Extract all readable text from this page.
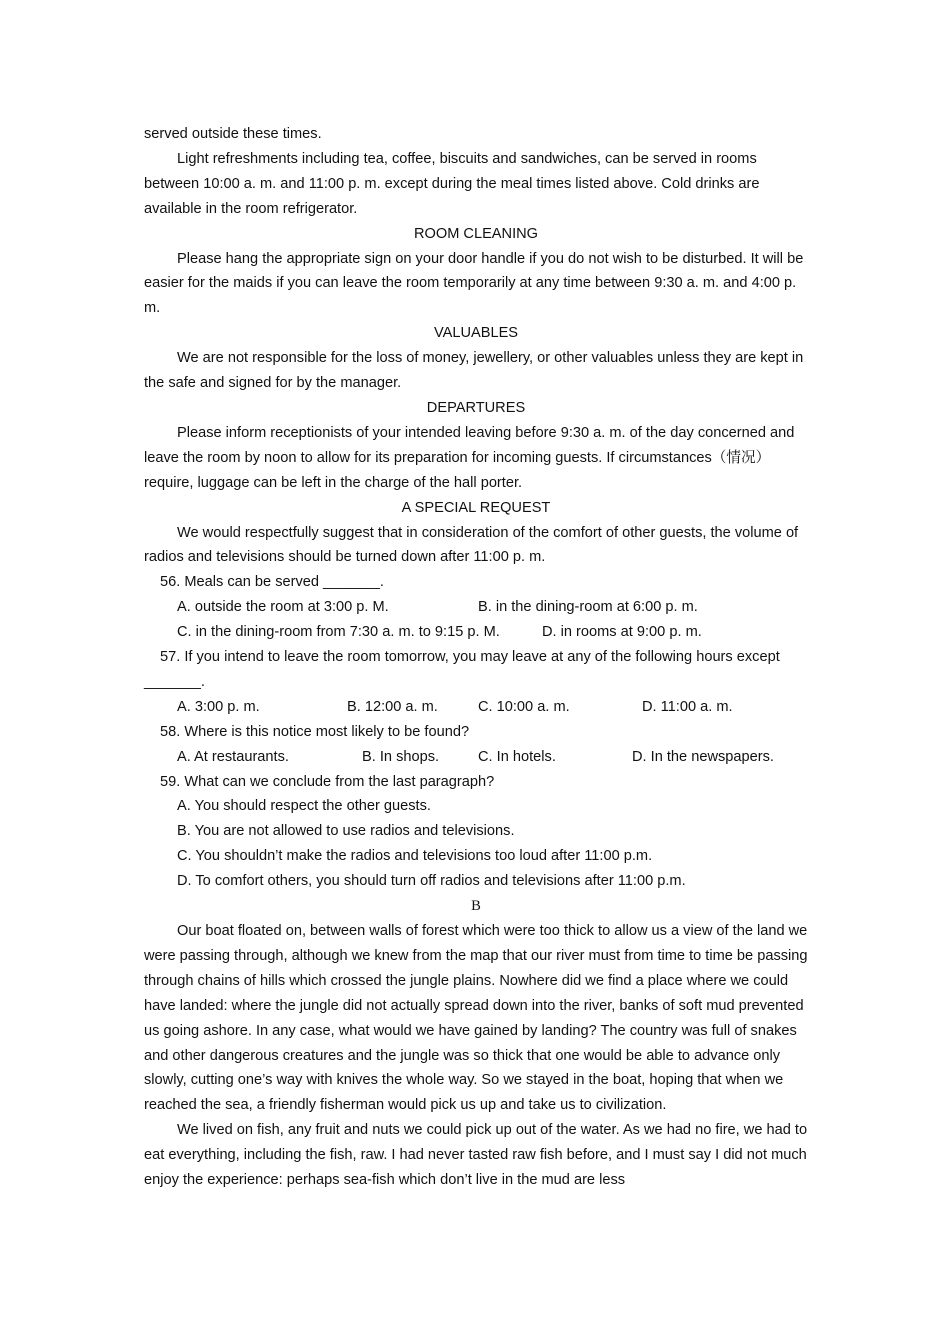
served outside these times.

Light refreshments including tea, coffee, biscuits and sandwiches, can be served in rooms between 10:00 a. m. and 11:00 p. m. except during the meal times listed above. Cold drinks are available in the room refrigerator.

ROOM CLEANING

Please hang the appropriate sign on your door handle if you do not wish to be disturbed. It will be easier for the maids if you can leave the room temporarily at any time between 9:30 a. m. and 4:00 p. m.

VALUABLES

We are not responsible for the loss of money, jewellery, or other valuables unless they are kept in the safe and signed for by the manager.

DEPARTURES

Please inform receptionists of your intended leaving before 9:30 a. m. of the day concerned and leave the room by noon to allow for its preparation for incoming guests. If circumstances（情况）require, luggage can be left in the charge of the hall porter.

A SPECIAL REQUEST

We would respectfully suggest that in consideration of the comfort of other guests, the volume of radios and televisions should be turned down after 11:00 p. m.

56. Meals can be served _______.

A. outside the room at 3:00 p. M.	B. in the dining-room at 6:00 p. m.
C. in the dining-room from 7:30 a. m. to 9:15 p. M.	D. in rooms at 9:00 p. m.

57. If you intend to leave the room tomorrow, you may leave at any of the following hours except _______.

A. 3:00 p. m.	B. 12:00 a. m.	C. 10:00 a. m.	D. 11:00 a. m.

58. Where is this notice most likely to be found?

A. At restaurants.	B. In shops.	C. In hotels.	D. In the newspapers.

59. What can we conclude from the last paragraph?

A. You should respect the other guests.

B. You are not allowed to use radios and televisions.

C. You shouldn’t make the radios and televisions too loud after 11:00 p.m.

D. To comfort others, you should turn off radios and televisions after 11:00 p.m.

B

Our boat floated on, between walls of forest which were too thick to allow us a view of the land we were passing through, although we knew from the map that our river must from time to time be passing through chains of hills which crossed the jungle plains. Nowhere did we find a place where we could have landed: where the jungle did not actually spread down into the river, banks of soft mud prevented us going ashore. In any case, what would we have gained by landing? The country was full of snakes and other dangerous creatures and the jungle was so thick that one would be able to advance only slowly, cutting one’s way with knives the whole way. So we stayed in the boat, hoping that when we reached the sea, a friendly fisherman would pick us up and take us to civilization.

We lived on fish, any fruit and nuts we could pick up out of the water. As we had no fire, we had to eat everything, including the fish, raw. I had never tasted raw fish before, and I must say I did not much enjoy the experience: perhaps sea-fish which don’t live in the mud are less
